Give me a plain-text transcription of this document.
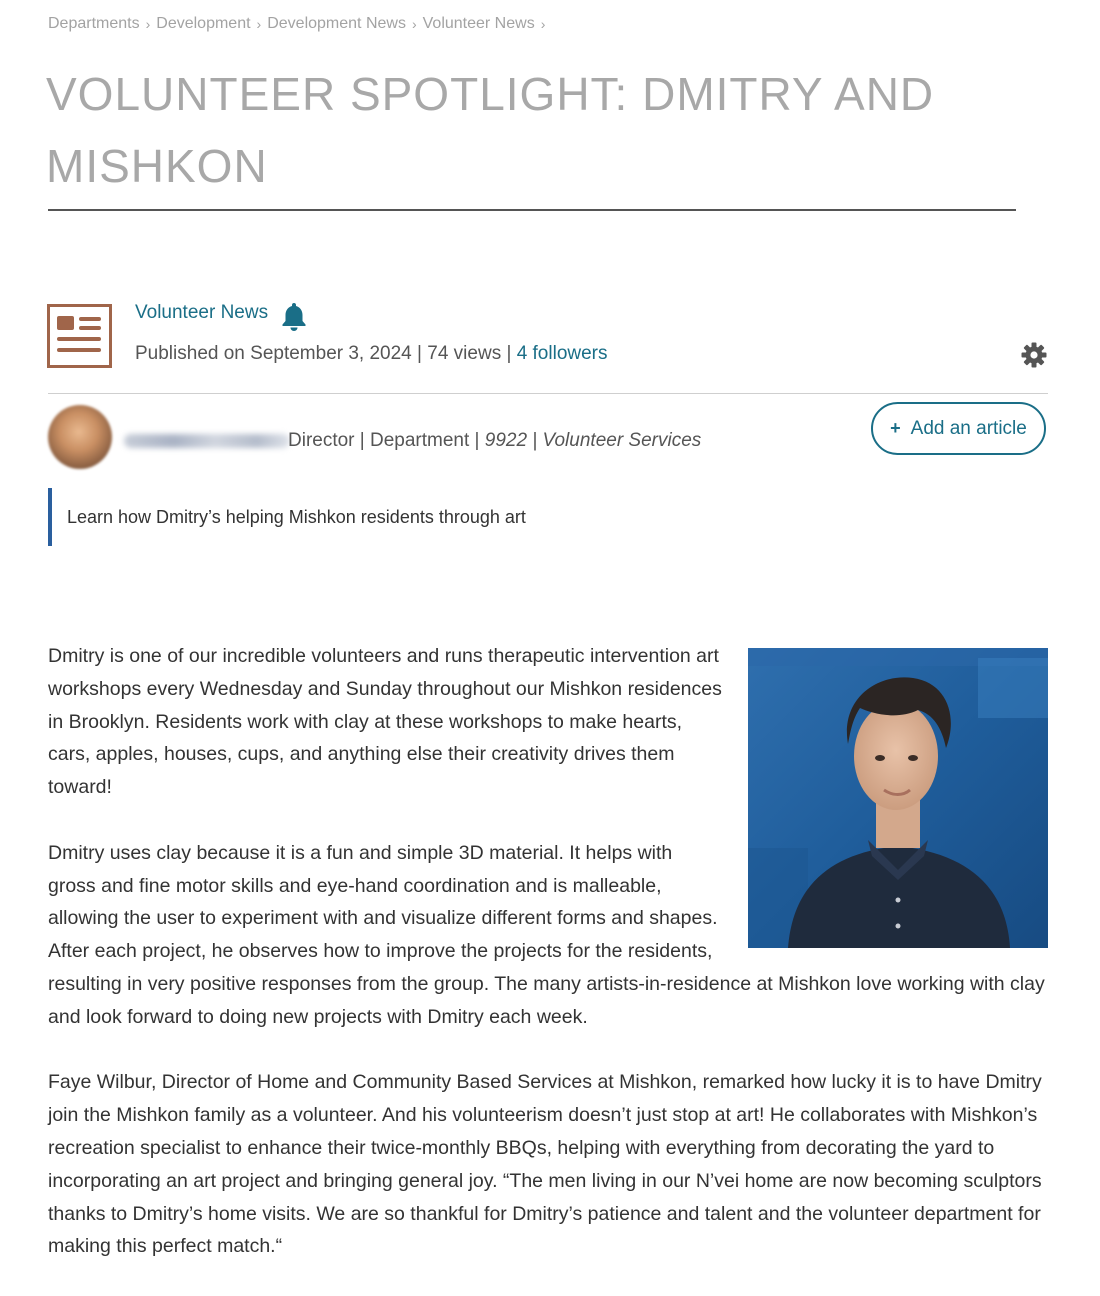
Departments › Development › Development News › Volunteer News ›
VOLUNTEER SPOTLIGHT: DMITRY AND MISHKON
Volunteer News
Published on September 3, 2024 | 74 views | 4 followers
Director | Department | 9922 | Volunteer Services
+ Add an article
Learn how Dmitry’s helping Mishkon residents through art

Dmitry is one of our incredible volunteers and runs therapeutic intervention art workshops every Wednesday and Sunday throughout our Mishkon residences in Brooklyn. Residents work with clay at these workshops to make hearts, cars, apples, houses, cups, and anything else their creativity drives them toward!

Dmitry uses clay because it is a fun and simple 3D material. It helps with gross and fine motor skills and eye-hand coordination and is malleable, allowing the user to experiment with and visualize different forms and shapes. After each project, he observes how to improve the projects for the residents, resulting in very positive responses from the group. The many artists-in-residence at Mishkon love working with clay and look forward to doing new projects with Dmitry each week.

Faye Wilbur, Director of Home and Community Based Services at Mishkon, remarked how lucky it is to have Dmitry join the Mishkon family as a volunteer. And his volunteerism doesn’t just stop at art! He collaborates with Mishkon’s recreation specialist to enhance their twice-monthly BBQs, helping with everything from decorating the yard to incorporating an art project and bringing general joy. “The men living in our N’vei home are now becoming sculptors thanks to Dmitry’s home visits. We are so thankful for Dmitry’s patience and talent and the volunteer department for making this perfect match.“
